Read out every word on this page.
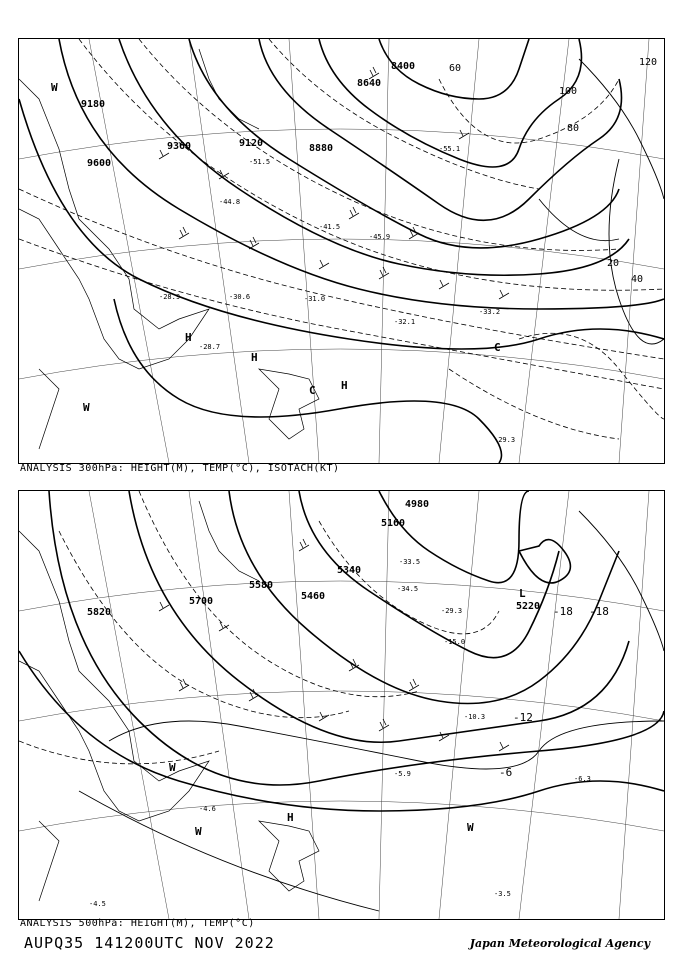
9600
9360	9120	8880
8640
8400
9180
20
40
60
80
100
120
-28.9	-30.6	-31.0
-32.1
-33.2
-55.1
-51.5
-45.9
-44.8
-41.5
-29.3
-28.7
H
H
H
C
C
W
W
ANALYSIS 300hPa: HEIGHT(M), TEMP(°C), ISOTACH(KT)
5820
5700
5580
5460
5340
5160
4980
5220
-6
-12
-18 -18
-33.5
-34.5
-29.3
-15.0
-10.3
-5.9
-3.5
-4.6
-4.5
-6.3
L
H
W
W	W
ANALYSIS 500hPa: HEIGHT(M), TEMP(°C)
AUPQ35 141200UTC NOV 2022	Japan Meteorological Agency
